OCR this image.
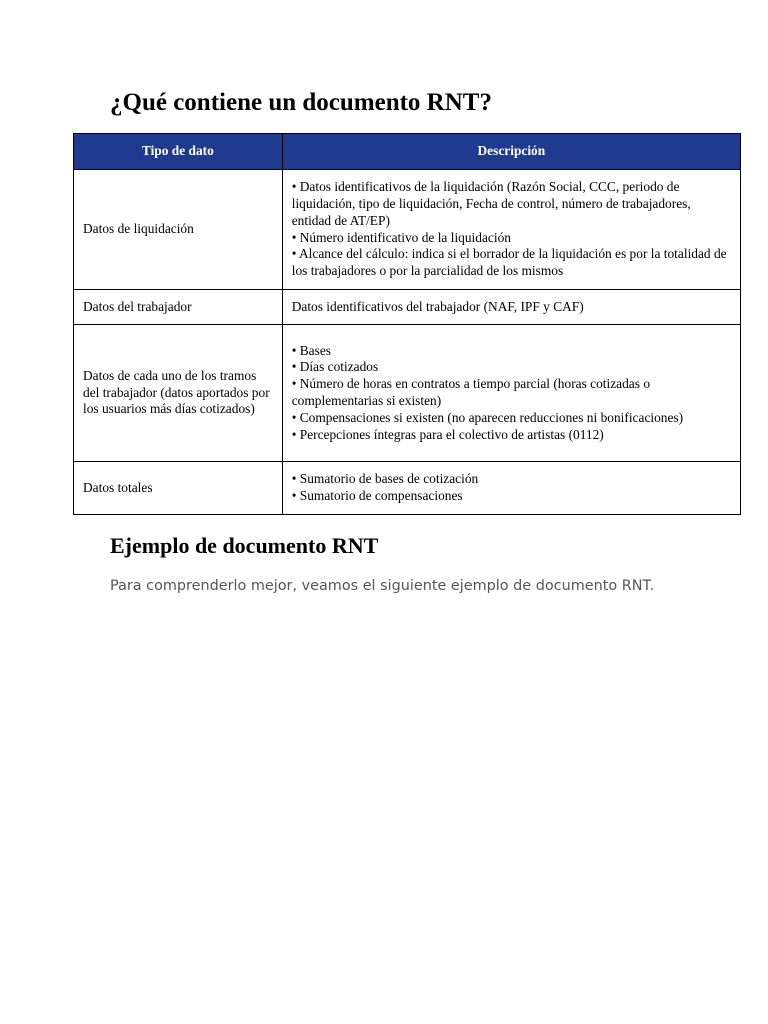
¿Qué contiene un documento RNT?
Tipo de dato	Descripción
Datos de liquidación	• Datos identificativos de la liquidación (Razón Social, CCC, periodo de liquidación, tipo de liquidación, Fecha de control, número de trabajadores, entidad de AT/EP)
• Número identificativo de la liquidación
• Alcance del cálculo: indica si el borrador de la liquidación es por la totalidad de los trabajadores o por la parcialidad de los mismos

Datos del trabajador	Datos identificativos del trabajador (NAF, IPF y CAF)

Datos de cada uno de los tramos del trabajador (datos aportados por los usuarios más días cotizados)	• Bases
• Días cotizados
• Número de horas en contratos a tiempo parcial (horas cotizadas o complementarias si existen)
• Compensaciones si existen (no aparecen reducciones ni bonificaciones)
• Percepciones íntegras para el colectivo de artistas (0112)

Datos totales	• Sumatorio de bases de cotización
• Sumatorio de compensaciones
Ejemplo de documento RNT

Para comprenderlo mejor, veamos el siguiente ejemplo de documento RNT.
